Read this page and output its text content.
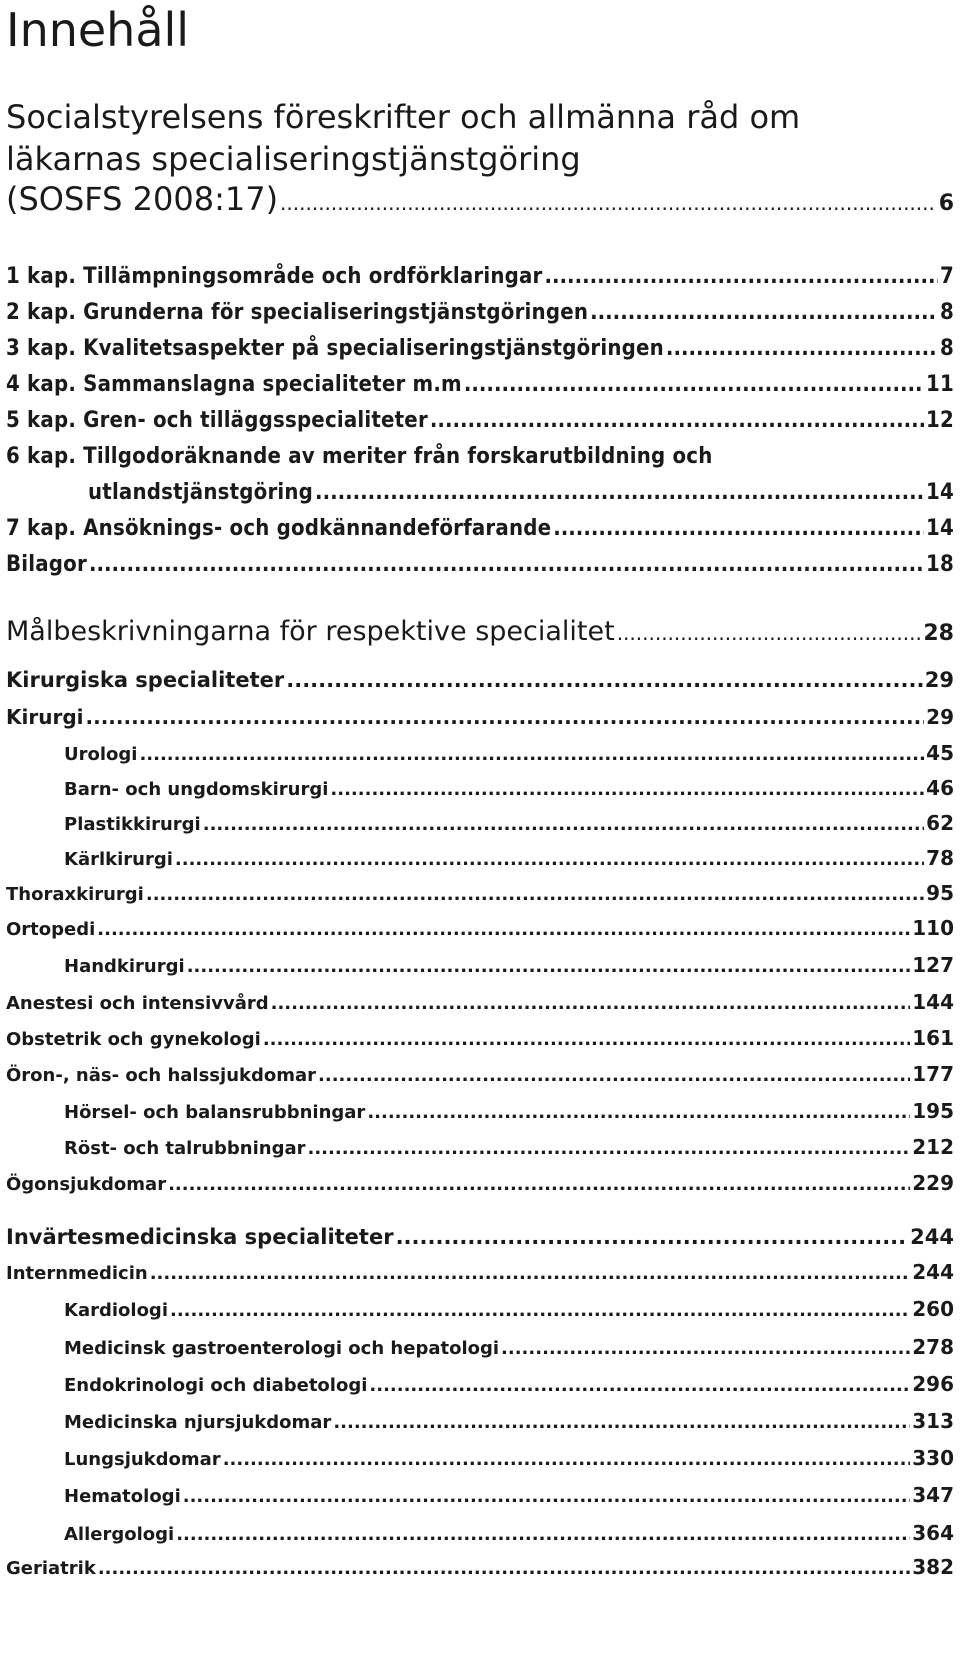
Innehåll
Socialstyrelsens föreskrifter och allmänna råd om
läkarnas specialiseringstjänstgöring
(SOSFS 2008:17) .....	6
1 kap. Tillämpningsområde och ordförklaringar .....	7
2 kap. Grunderna för specialiseringstjänstgöringen .....	8
3 kap. Kvalitetsaspekter på specialiseringstjänstgöringen .....	8
4 kap. Sammanslagna specialiteter m.m .....	11
5 kap. Gren- och tilläggsspecialiteter .....	12
6 kap. Tillgodoräknande av meriter från forskarutbildning och
utlandstjänstgöring .....	14
7 kap. Ansöknings- och godkännandeförfarande .....	14
Bilagor .....	18
Målbeskrivningarna för respektive specialitet .....	28
Kirurgiska specialiteter .....	29
Kirurgi .....	29
Urologi .....	45
Barn- och ungdomskirurgi .....	46
Plastikkirurgi .....	62
Kärlkirurgi .....	78
Thoraxkirurgi .....	95
Ortopedi .....	110
Handkirurgi .....	127
Anestesi och intensivvård .....	144
Obstetrik och gynekologi .....	161
Öron-, näs- och halssjukdomar .....	177
Hörsel- och balansrubbningar .....	195
Röst- och talrubbningar .....	212
Ögonsjukdomar .....	229
Invärtesmedicinska specialiteter .....	244
Internmedicin .....	244
Kardiologi .....	260
Medicinsk gastroenterologi och hepatologi .....	278
Endokrinologi och diabetologi .....	296
Medicinska njursjukdomar .....	313
Lungsjukdomar .....	330
Hematologi .....	347
Allergologi .....	364
Geriatrik .....	382
